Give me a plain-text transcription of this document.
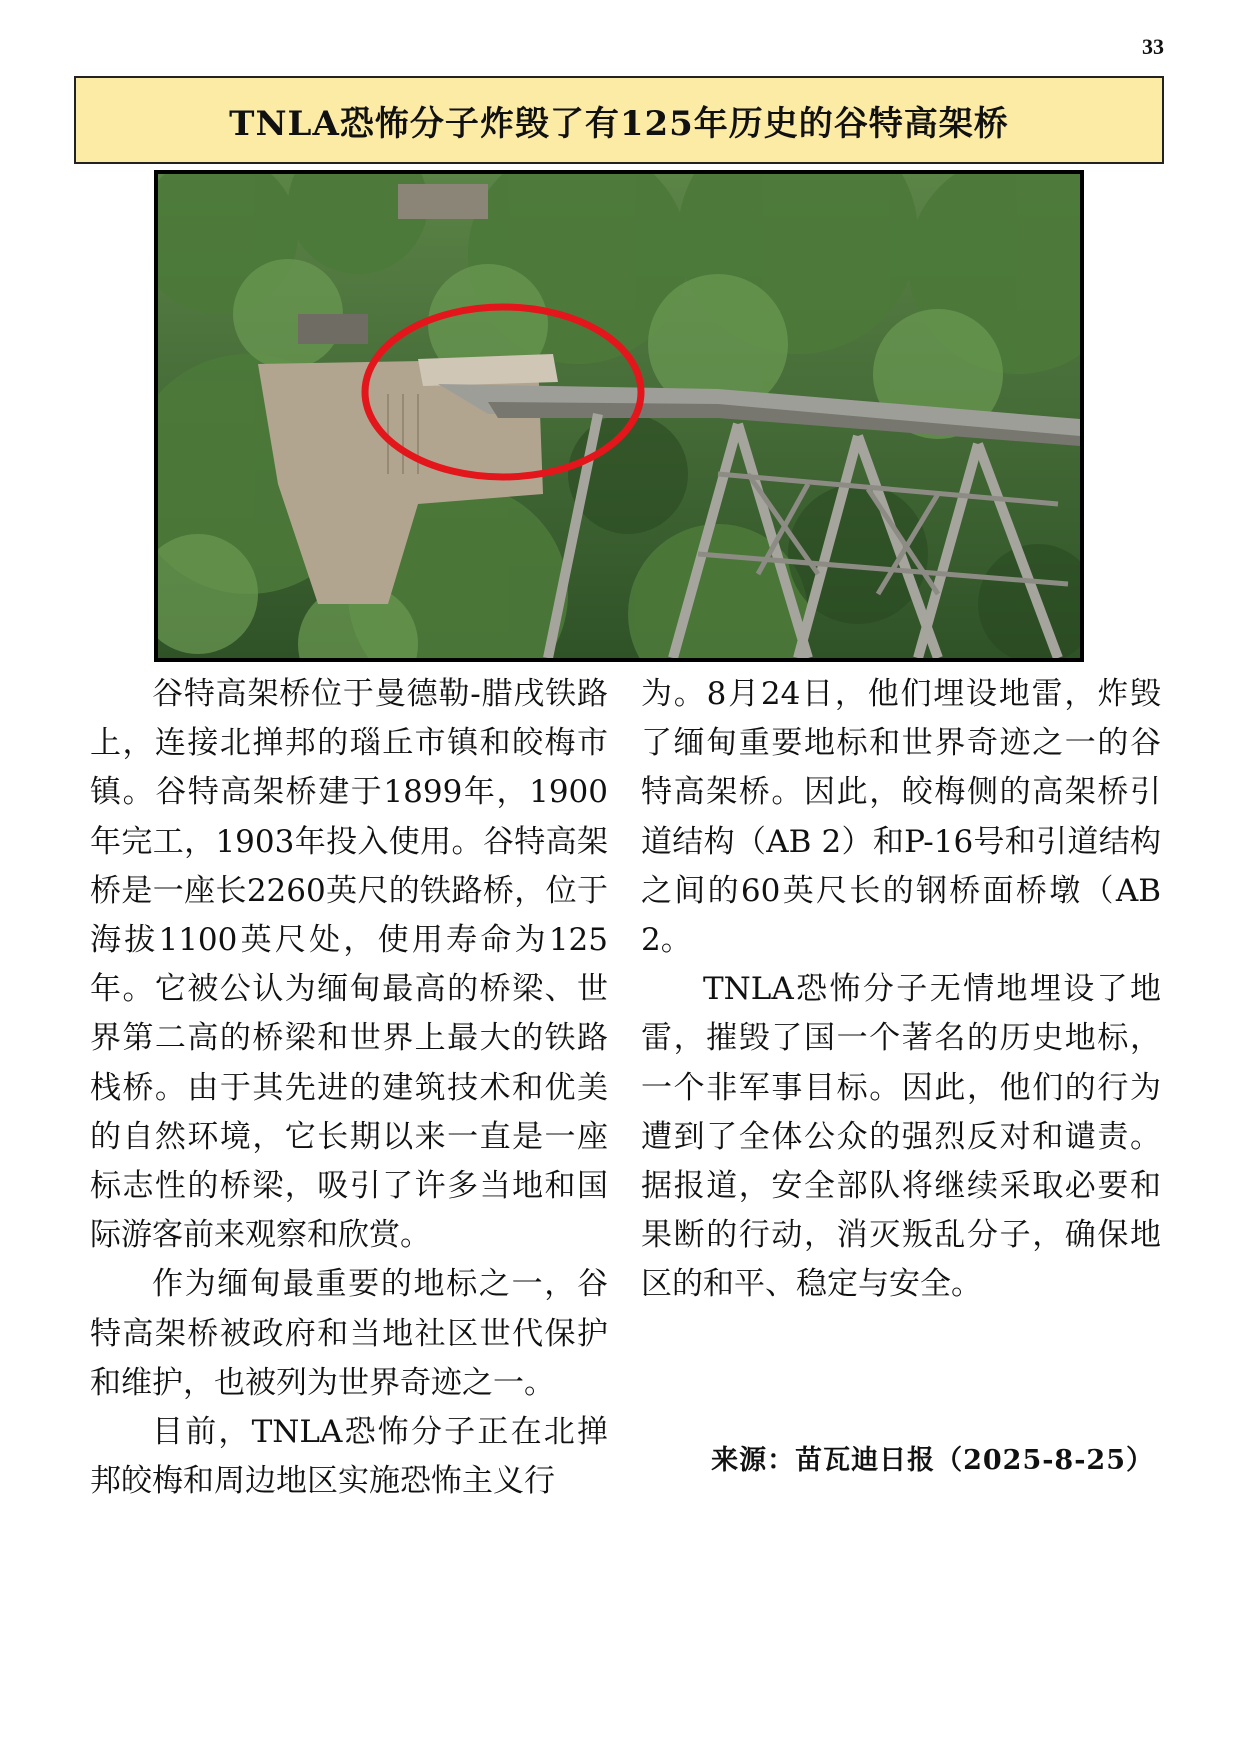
33
TNLA恐怖分子炸毁了有125年历史的谷特高架桥

谷特高架桥位于曼德勒-腊戌铁路上，连接北掸邦的瑙丘市镇和皎梅市镇。谷特高架桥建于1899年，1900年完工，1903年投入使用。谷特高架桥是一座长2260英尺的铁路桥，位于海拔1100英尺处，使用寿命为125年。它被公认为缅甸最高的桥梁、世界第二高的桥梁和世界上最大的铁路栈桥。由于其先进的建筑技术和优美的自然环境，它长期以来一直是一座标志性的桥梁，吸引了许多当地和国际游客前来观察和欣赏。

作为缅甸最重要的地标之一，谷特高架桥被政府和当地社区世代保护和维护，也被列为世界奇迹之一。

目前，TNLA恐怖分子正在北掸邦皎梅和周边地区实施恐怖主义行

为。8月24日，他们埋设地雷，炸毁了缅甸重要地标和世界奇迹之一的谷特高架桥。因此，皎梅侧的高架桥引道结构（AB 2）和P-16号和引道结构之间的60英尺长的钢桥面桥墩（AB 2。

TNLA恐怖分子无情地埋设了地雷，摧毁了国一个著名的历史地标，一个非军事目标。因此，他们的行为遭到了全体公众的强烈反对和谴责。据报道，安全部队将继续采取必要和果断的行动，消灭叛乱分子，确保地区的和平、稳定与安全。

来源：苗瓦迪日报（2025-8-25）
